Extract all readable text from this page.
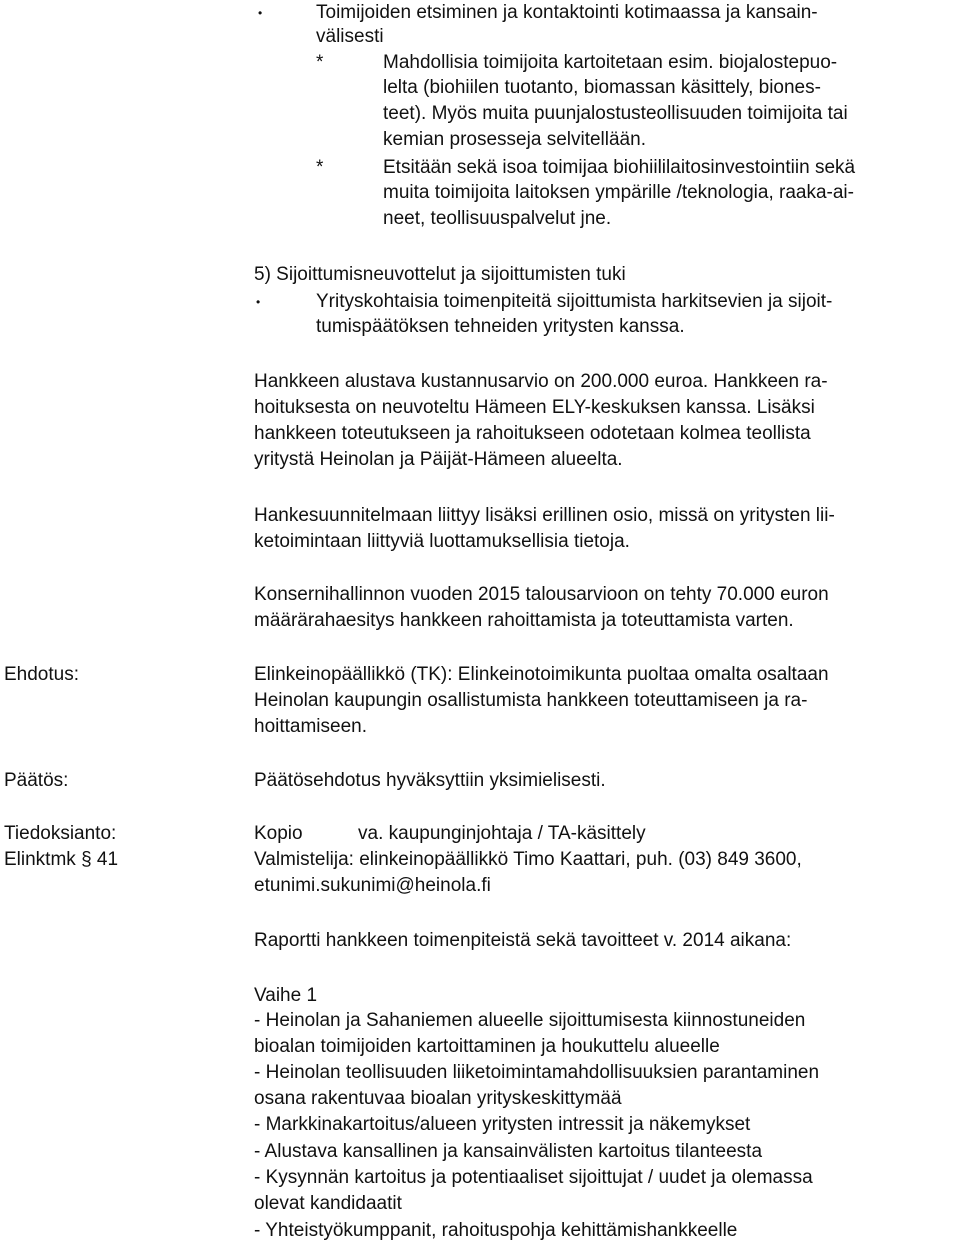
•	Toimijoiden etsiminen ja kontaktointi kotimaassa ja kansain-
välisesti
*	Mahdollisia toimijoita kartoitetaan esim. biojalostepuo-
lelta (biohiilen tuotanto, biomassan käsittely, biones-
teet). Myös muita puunjalostusteollisuuden toimijoita tai
kemian prosesseja selvitellään.
*	Etsitään sekä isoa toimijaa biohiililaitosinvestointiin sekä
muita toimijoita laitoksen ympärille /teknologia, raaka-ai-
neet, teollisuuspalvelut jne.
5) Sijoittumisneuvottelut ja sijoittumisten tuki
•	Yrityskohtaisia toimenpiteitä sijoittumista harkitsevien ja sijoit-
tumispäätöksen tehneiden yritysten kanssa.
Hankkeen alustava kustannusarvio on 200.000 euroa. Hankkeen ra-
hoituksesta on neuvoteltu Hämeen ELY-keskuksen kanssa. Lisäksi
hankkeen toteutukseen ja rahoitukseen odotetaan kolmea teollista
yritystä Heinolan ja Päijät-Hämeen alueelta.
Hankesuunnitelmaan liittyy lisäksi erillinen osio, missä on yritysten lii-
ketoimintaan liittyviä luottamuksellisia tietoja.
Konsernihallinnon vuoden 2015 talousarvioon on tehty 70.000 euron
määrärahaesitys hankkeen rahoittamista ja toteuttamista varten.
Ehdotus:	Elinkeinopäällikkö (TK): Elinkeinotoimikunta puoltaa omalta osaltaan
Heinolan kaupungin osallistumista hankkeen toteuttamiseen ja ra-
hoittamiseen.
Päätös:	Päätösehdotus hyväksyttiin yksimielisesti.
Tiedoksianto:	Kopio	va. kaupunginjohtaja / TA-käsittely
Elinktmk § 41	Valmistelija: elinkeinopäällikkö Timo Kaattari, puh. (03) 849 3600,
etunimi.sukunimi@heinola.fi
Raportti hankkeen toimenpiteistä sekä tavoitteet v. 2014 aikana:
Vaihe 1
- Heinolan ja Sahaniemen alueelle sijoittumisesta kiinnostuneiden
bioalan toimijoiden kartoittaminen ja houkuttelu alueelle
- Heinolan teollisuuden liiketoimintamahdollisuuksien parantaminen
osana rakentuvaa bioalan yrityskeskittymää
- Markkinakartoitus/alueen yritysten intressit ja näkemykset
- Alustava kansallinen ja kansainvälisten kartoitus tilanteesta
- Kysynnän kartoitus ja potentiaaliset sijoittujat / uudet ja olemassa
olevat kandidaatit
- Yhteistyökumppanit, rahoituspohja kehittämishankkeelle
